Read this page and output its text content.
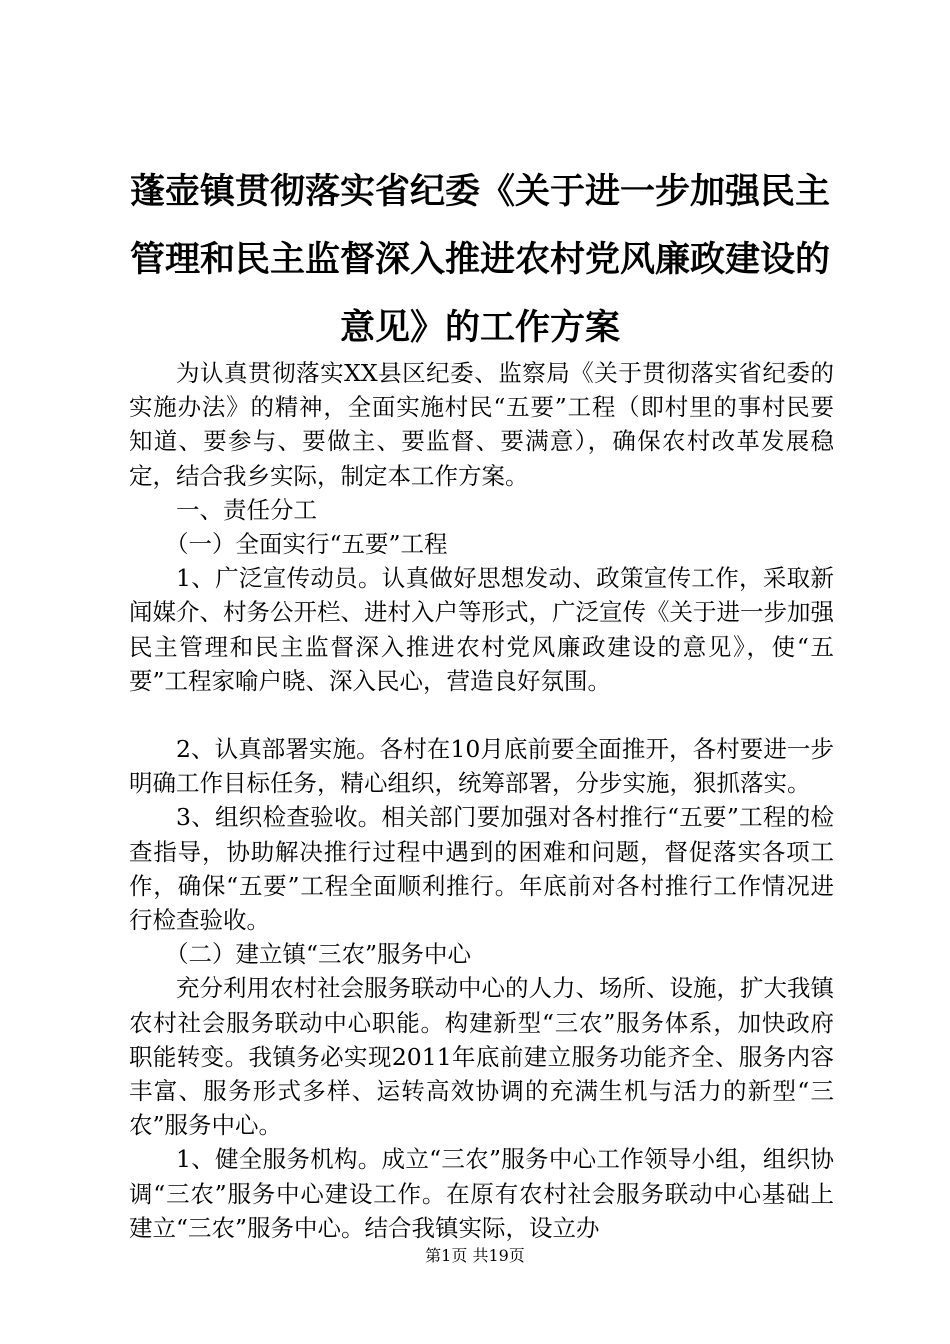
蓬壶镇贯彻落实省纪委《关于进一步加强民主
管理和民主监督深入推进农村党风廉政建设的
意见》的工作方案

为认真贯彻落实XX县区纪委、监察局《关于贯彻落实省纪委的实施办法》的精神，全面实施村民“五要”工程（即村里的事村民要知道、要参与、要做主、要监督、要满意），确保农村改革发展稳定，结合我乡实际，制定本工作方案。

一、责任分工

（一）全面实行“五要”工程

1、广泛宣传动员。认真做好思想发动、政策宣传工作，采取新闻媒介、村务公开栏、进村入户等形式，广泛宣传《关于进一步加强民主管理和民主监督深入推进农村党风廉政建设的意见》，使“五要”工程家喻户晓、深入民心，营造良好氛围。

2、认真部署实施。各村在10月底前要全面推开，各村要进一步明确工作目标任务，精心组织，统筹部署，分步实施，狠抓落实。

3、组织检查验收。相关部门要加强对各村推行“五要”工程的检查指导，协助解决推行过程中遇到的困难和问题，督促落实各项工作，确保“五要”工程全面顺利推行。年底前对各村推行工作情况进行检查验收。

（二）建立镇“三农”服务中心

充分利用农村社会服务联动中心的人力、场所、设施，扩大我镇农村社会服务联动中心职能。构建新型“三农”服务体系，加快政府职能转变。我镇务必实现2011年底前建立服务功能齐全、服务内容丰富、服务形式多样、运转高效协调的充满生机与活力的新型“三农”服务中心。

1、健全服务机构。成立“三农”服务中心工作领导小组，组织协调“三农”服务中心建设工作。在原有农村社会服务联动中心基础上建立“三农”服务中心。结合我镇实际，设立办

第1页 共19页
